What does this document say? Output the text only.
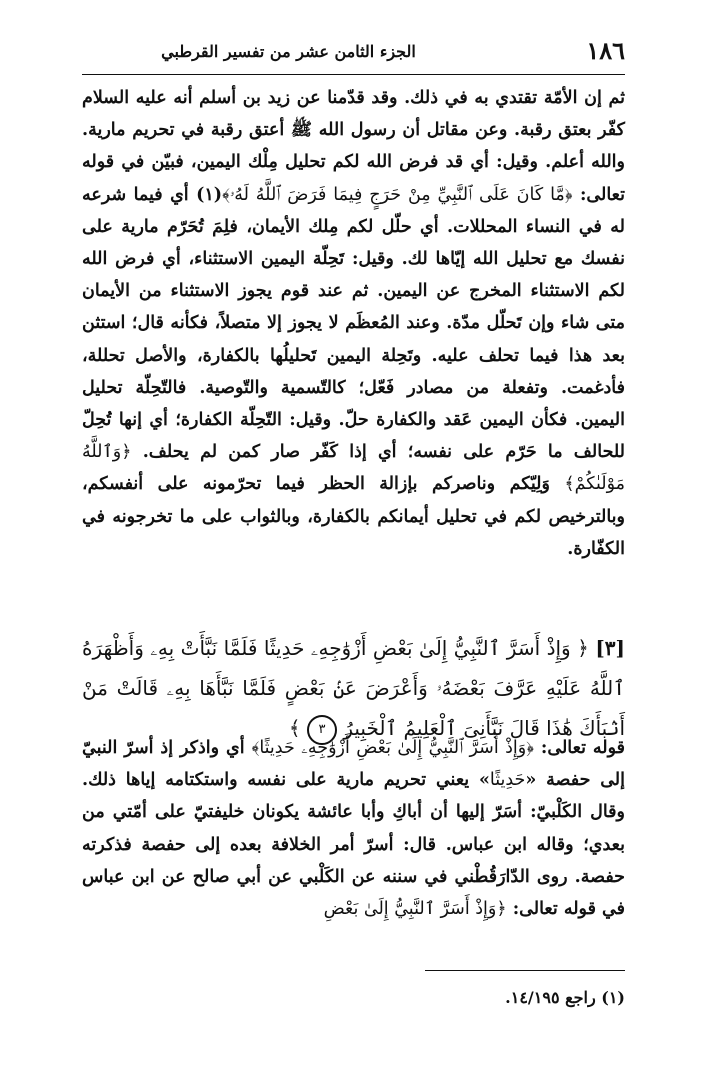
١٨٦
الجزء الثامن عشر من تفسير القرطبي

ثم إن الأمّة تقتدي به في ذلك. وقد قدّمنا عن زيد بن أسلم أنه عليه السلام كفّر بعتق رقبة. وعن مقاتل أن رسول الله ﷺ أعتق رقبة في تحريم مارية. والله أعلم. وقيل: أي قد فرض الله لكم تحليل مِلْك اليمين، فبيّن في قوله تعالى: ﴿مَّا كَانَ عَلَى ٱلنَّبِيِّ مِنْ حَرَجٍ فِيمَا فَرَضَ ٱللَّهُ لَهُۥ﴾(١) أي فيما شرعه له في النساء المحللات. أي حلّل لكم مِلك الأيمان، فلِمَ تُحَرّم مارية على نفسك مع تحليل الله إيّاها لك. وقيل: تَحِلّة اليمين الاستثناء، أي فرض الله لكم الاستثناء المخرج عن اليمين. ثم عند قوم يجوز الاستثناء من الأيمان متى شاء وإن تَحلّل مدّة. وعند المُعظَم لا يجوز إلا متصلاً، فكأنه قال؛ استثن بعد هذا فيما تحلف عليه. وتَحِلة اليمين تَحليلُها بالكفارة، والأصل تحللة، فأدغمت. وتفعلة من مصادر فَعّل؛ كالتّسمية والتّوصية. فالتّحِلّة تحليل اليمين. فكأن اليمين عَقد والكفارة حلّ. وقيل: التّحِلّة الكفارة؛ أي إنها تُحِلّ للحالف ما حَرّم على نفسه؛ أي إذا كَفّر صار كمن لم يحلف. ﴿وَٱللَّهُ مَوْلَىٰكُمْ﴾ وَلِيّكم وناصركم بإزالة الحظر فيما تحرّمونه على أنفسكم، وبالترخيص لكم في تحليل أيمانكم بالكفارة، وبالثواب على ما تخرجونه في الكفّارة.

[٣] ﴿ وَإِذْ أَسَرَّ ٱلنَّبِيُّ إِلَىٰ بَعْضِ أَزْوَٰجِهِۦ حَدِيثًا فَلَمَّا نَبَّأَتْ بِهِۦ وَأَظْهَرَهُ ٱللَّهُ عَلَيْهِ عَرَّفَ بَعْضَهُۥ وَأَعْرَضَ عَنۢ بَعْضٍ فَلَمَّا نَبَّأَهَا بِهِۦ قَالَتْ مَنْ أَنۢبَأَكَ هَٰذَا قَالَ نَبَّأَنِىَ ٱلْعَلِيمُ ٱلْخَبِيرُ ٣ ﴾

قوله تعالى: ﴿وَإِذْ أَسَرَّ ٱلنَّبِيُّ إِلَىٰ بَعْضِ أَزْوَٰجِهِۦ حَدِيثًا﴾ أي واذكر إذ أسرّ النبيّ إلى حفصة «حَدِيثًا» يعني تحريم مارية على نفسه واستكتامه إياها ذلك. وقال الكَلْبيّ: أسَرّ إليها أن أباكِ وأبا عائشة يكونان خليفتيّ على أمّتي من بعدي؛ وقاله ابن عباس. قال: أسرّ أمر الخلافة بعده إلى حفصة فذكرته حفصة. روى الدّارَقُطْني في سننه عن الكَلْبي عن أبي صالح عن ابن عباس في قوله تعالى: ﴿وَإِذْ أَسَرَّ ٱلنَّبِيُّ إِلَىٰ بَعْضِ

(١) راجع ١٤/١٩٥.
